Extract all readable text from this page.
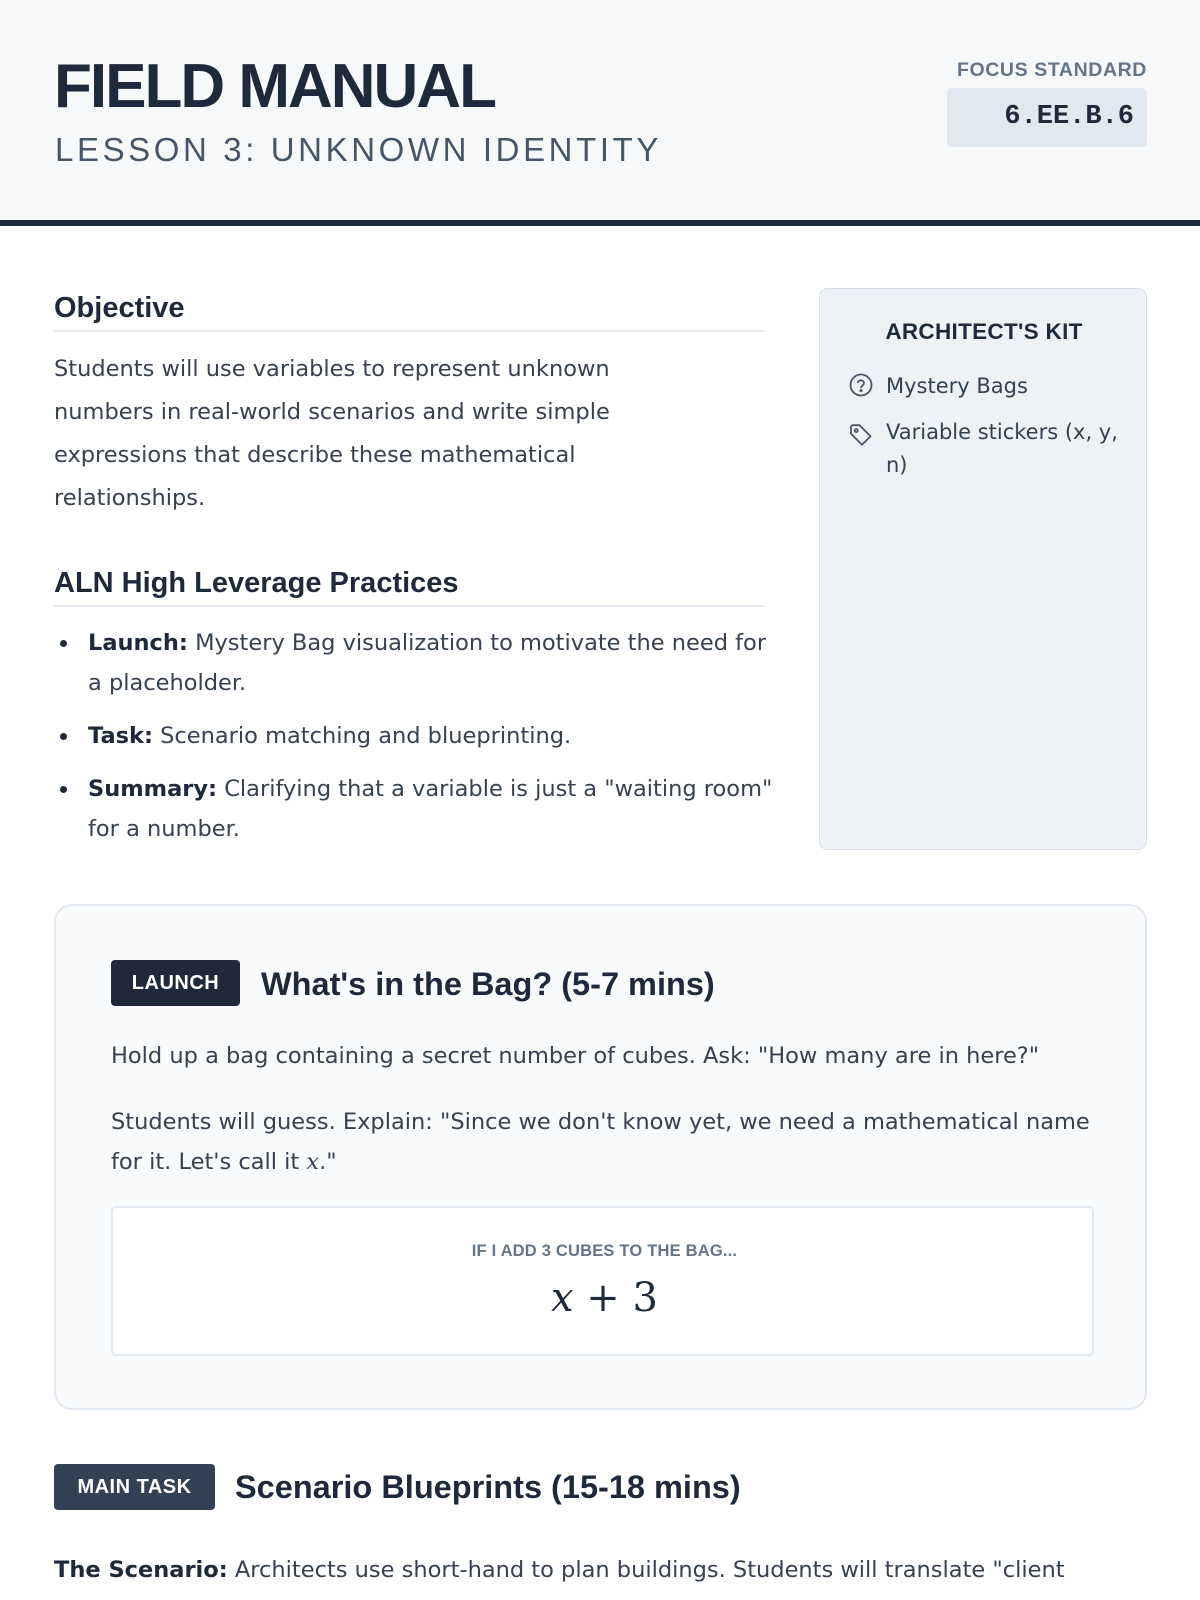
FIELD MANUAL
LESSON 3: UNKNOWN IDENTITY
FOCUS STANDARD
6.EE.B.6
Objective

Students will use variables to represent unknown numbers in real-world scenarios and write simple expressions that describe these mathematical relationships.

ALN High Leverage Practices
Launch: Mystery Bag visualization to motivate the need for a placeholder.
Task: Scenario matching and blueprinting.
Summary: Clarifying that a variable is just a "waiting room" for a number.
ARCHITECT'S KIT
Mystery Bags
Variable stickers (x, y, n)
LAUNCH	What's in the Bag? (5-7 mins)

Hold up a bag containing a secret number of cubes. Ask: "How many are in here?"

Students will guess. Explain: "Since we don't know yet, we need a mathematical name for it. Let's call it x."

IF I ADD 3 CUBES TO THE BAG...
x + 3
MAIN TASK	Scenario Blueprints (15-18 mins)

The Scenario: Architects use short-hand to plan buildings. Students will translate "client
